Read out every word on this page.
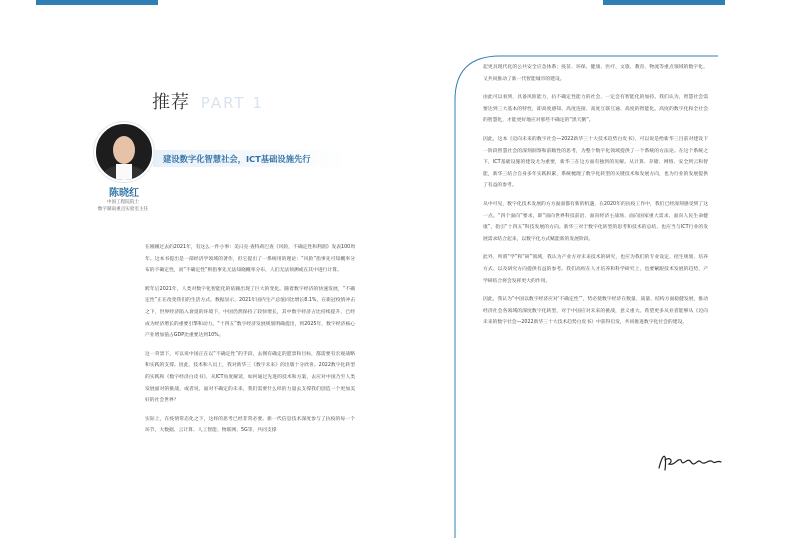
推荐 PART 1
陈晓红
中国工程院院士
数字湖南重点实验室主任
建设数字化智慧社会，ICT基础设施先行

在刚刚过去的2021年，有这么一件小事：美日克·查特莉巴查《风险，不确定性和利润》发表100周年。这本书提出是一部经济学领域的著作，但它提出了一系统用的理论：“风险”指事先可知概率分布的不确定性，而“不确定性”则指事先无法知晓概率分布，人们无法预测或在其中进行计算。

跨年后2021年，人类对数字化智能化的依赖出现了巨大的变化。随着数字经济的快速发展，“不确定性”正在改变我们的生活方式。数据显示，2021年国内生产总值同比增长8.1%，在新冠疫情冲击之下，世界经济陷入衰退的环境下，中国仍然保持了较快增长，其中数字经济占比持续提升，已经成为经济增长的重要引擎和动力。“十四五”数字经济发展规划明确提出，到2025年，数字经济核心产业增加值占GDP比重要达到10%。

这一背景下，可以说中国正在以“不确定性”的手段，去拥有确定的愿景和目标，都需要有宏观战略和实践的支撑。因此，技术和人员上，我对新华三《数字未来》的出版十分欣喜。2022数字化转型的实践和《数字经济白皮书》，从ICT角度解读，如何通过先进的技术和方案，去应对中国乃至人类发展面对的挑战，或者说，面对不确定的未来，我们需要什么样的力量去支撑我们创造一个更加美好的社会世界？

实际上，在疫情常态化之下，这样的思考已经非常必要。新一代信息技术深度参与了抗疫的每一个环节，大数据、云计算、人工智能、物联网、5G等，共同支撑

起更具现代化的公共安全应急体系；疫苗、环保、健康、医疗、文旅、教育、物流等重点领域的数字化，又共同推动了新一代智能城市的建设。

由此可以看到，具备风险能力，抗不确定性能力的社会，一定会有智能化的加持。我们认为，智慧社会需要达到三大基本的特性，即高度感知、高度连接、高度互联互通、高度的智能化。高度的数字化和全社会的智慧化，才能更好地应对那些不确定的“黑天鹅”。

因此，这本《迈向未来的数字社会—2022新华三十大技术趋势白皮书》，可以说是给新华三目前对建设下一阶段智慧社会的深刻洞察和前瞻性的思考，为整个数字化领域提供了一个系统的方法论。在这个系统之下，ICT基础设施的建设尤为重要，新华三在这方面有独到的见解。从计算、存储、网络、安全到云和智能，新华三结合自身多年实践积累，系统梳理了数字化转型的关键技术和发展方向，也为行业的发展提供了有益的参考。

从中可见，数字化技术发展的方方面面都有新的机遇，在2020年的抗疫工作中，我们已经深刻感受到了这一点。“四个面向”要求，即“面向世界科技前沿、面向经济主战场、面向国家重大需求、面向人民生命健康”，指引“十四五”科技发展的方向。新华三对于数字化转型的思考和技术的总结，也应当与ICT行业的发展需求结合起来，以数字化方式赋能新的发展阶段。

此外，所谓“学”和“研”领域，我认为产业方对未来技术的研究，也应为我们的专业设定、招生规划、培养方式、以及研究方向提供有益的参考。我们高校在人才培养和科学研究上，也要紧跟技术发展的趋势，产学研结合将会发挥更大的作用。

因此，我认为“中国以数字经济应对‘不确定性’”，势必使数字经济在数量、质量、结构方面稳健发展，推动经济社会各领域的深度数字化转型，对于中国应对未来的挑战，意义重大。希望更多从业者能够从《迈向未来的数字社会—2022新华三十大技术趋势白皮书》中获得启发，共同推进数字化社会的建设。
